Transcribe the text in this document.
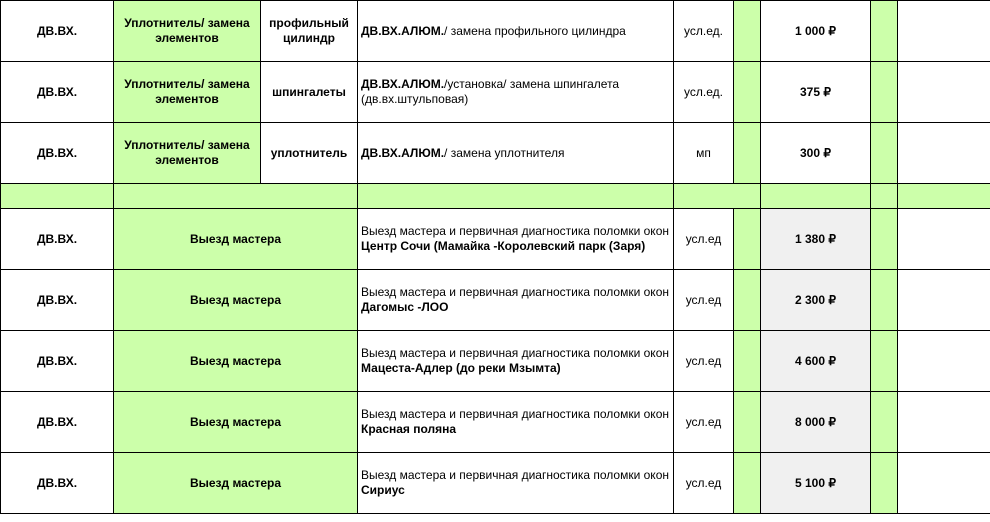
ДВ.ВХ.	Уплотнитель/ замена элементов	профильный цилиндр	ДВ.ВХ.АЛЮМ./ замена профильного цилиндра	усл.ед.		1 000 ₽		
ДВ.ВХ.	Уплотнитель/ замена элементов	шпингалеты	ДВ.ВХ.АЛЮМ./установка/ замена шпингалета (дв.вх.штульповая)	усл.ед.		375 ₽		
ДВ.ВХ.	Уплотнитель/ замена элементов	уплотнитель	ДВ.ВХ.АЛЮМ./ замена уплотнителя	мп		300 ₽		

ДВ.ВХ.	Выезд мастера		Выезд мастера и первичная диагностика поломки окон Центр Сочи (Мамайка -Королевский парк (Заря)	усл.ед		1 380 ₽		
ДВ.ВХ.	Выезд мастера		Выезд мастера и первичная диагностика поломки окон Дагомыс -ЛОО	усл.ед		2 300 ₽		
ДВ.ВХ.	Выезд мастера		Выезд мастера и первичная диагностика поломки окон Мацеста-Адлер (до реки Мзымта)	усл.ед		4 600 ₽		
ДВ.ВХ.	Выезд мастера		Выезд мастера и первичная диагностика поломки окон Красная поляна	усл.ед		8 000 ₽		
ДВ.ВХ.	Выезд мастера		Выезд мастера и первичная диагностика поломки окон Сириус	усл.ед		5 100 ₽		
